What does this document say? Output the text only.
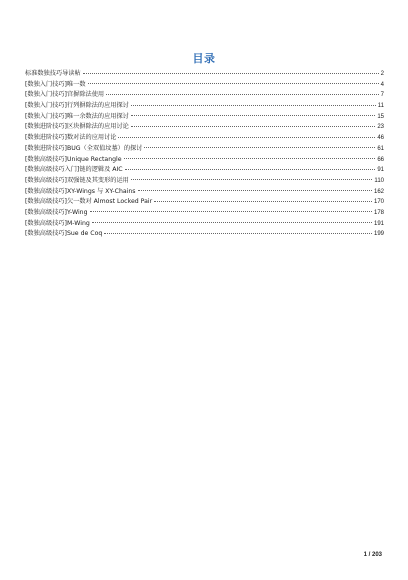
目录
标准数独技巧导读帖	2
[数独入门技巧]唯一数	4
[数独入门技巧]宫摒除法使用	7
[数独入门技巧]行列摒除法的应用探讨	11
[数独入门技巧]唯一余数法的应用探讨	15
[数独进阶技巧]区块摒除法的应用讨论	23
[数独进阶技巧]数对法的应用讨论	46
[数独进阶技巧]BUG（全双值坟墓）的探讨	61
[数独高级技巧]Unique Rectangle	66
[数独高级技巧入门]链的逻辑及 AIC	91
[数独高级技巧]双强链及其变形的运用	110
[数独高级技巧]XY-Wings 与 XY-Chains	162
[数独高级技巧]欠一数对 Almost Locked Pair	170
[数独高级技巧]Y-Wing	178
[数独高级技巧]M-Wing	191
[数独高级技巧]Sue de Coq	199
1 / 203
